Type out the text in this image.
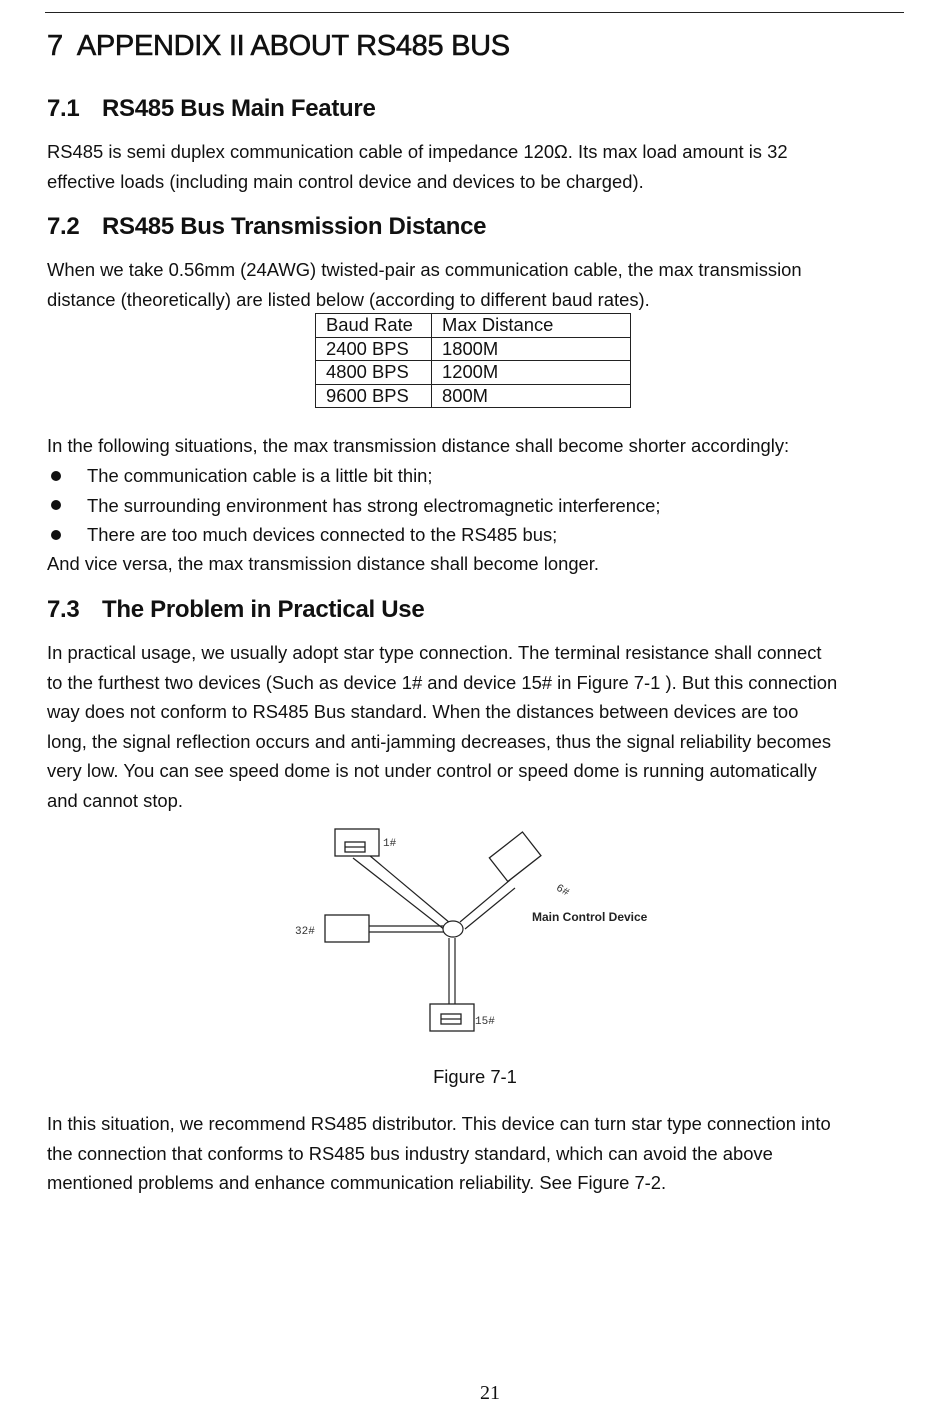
7 APPENDIX II ABOUT RS485 BUS
7.1 RS485 Bus Main Feature

RS485 is semi duplex communication cable of impedance 120Ω. Its max load amount is 32
effective loads (including main control device and devices to be charged).

7.2 RS485 Bus Transmission Distance

When we take 0.56mm (24AWG) twisted-pair as communication cable, the max transmission
distance (theoretically) are listed below (according to different baud rates).

Baud Rate	Max Distance
2400 BPS	1800M
4800 BPS	1200M
9600 BPS	800M

In the following situations, the max transmission distance shall become shorter accordingly:

The communication cable is a little bit thin;
The surrounding environment has strong electromagnetic interference;
There are too much devices connected to the RS485 bus;

And vice versa, the max transmission distance shall become longer.

7.3 The Problem in Practical Use

In practical usage, we usually adopt star type connection. The terminal resistance shall connect
to the furthest two devices (Such as device 1# and device 15# in Figure 7-1 ). But this connection
way does not conform to RS485 Bus standard. When the distances between devices are too
long, the signal reflection occurs and anti-jamming decreases, thus the signal reliability becomes
very low. You can see speed dome is not under control or speed dome is running automatically
and cannot stop.

1#
6#
Main Control Device
32#
15#
Figure 7-1

In this situation, we recommend RS485 distributor. This device can turn star type connection into
the connection that conforms to RS485 bus industry standard, which can avoid the above
mentioned problems and enhance communication reliability. See Figure 7-2.

21
